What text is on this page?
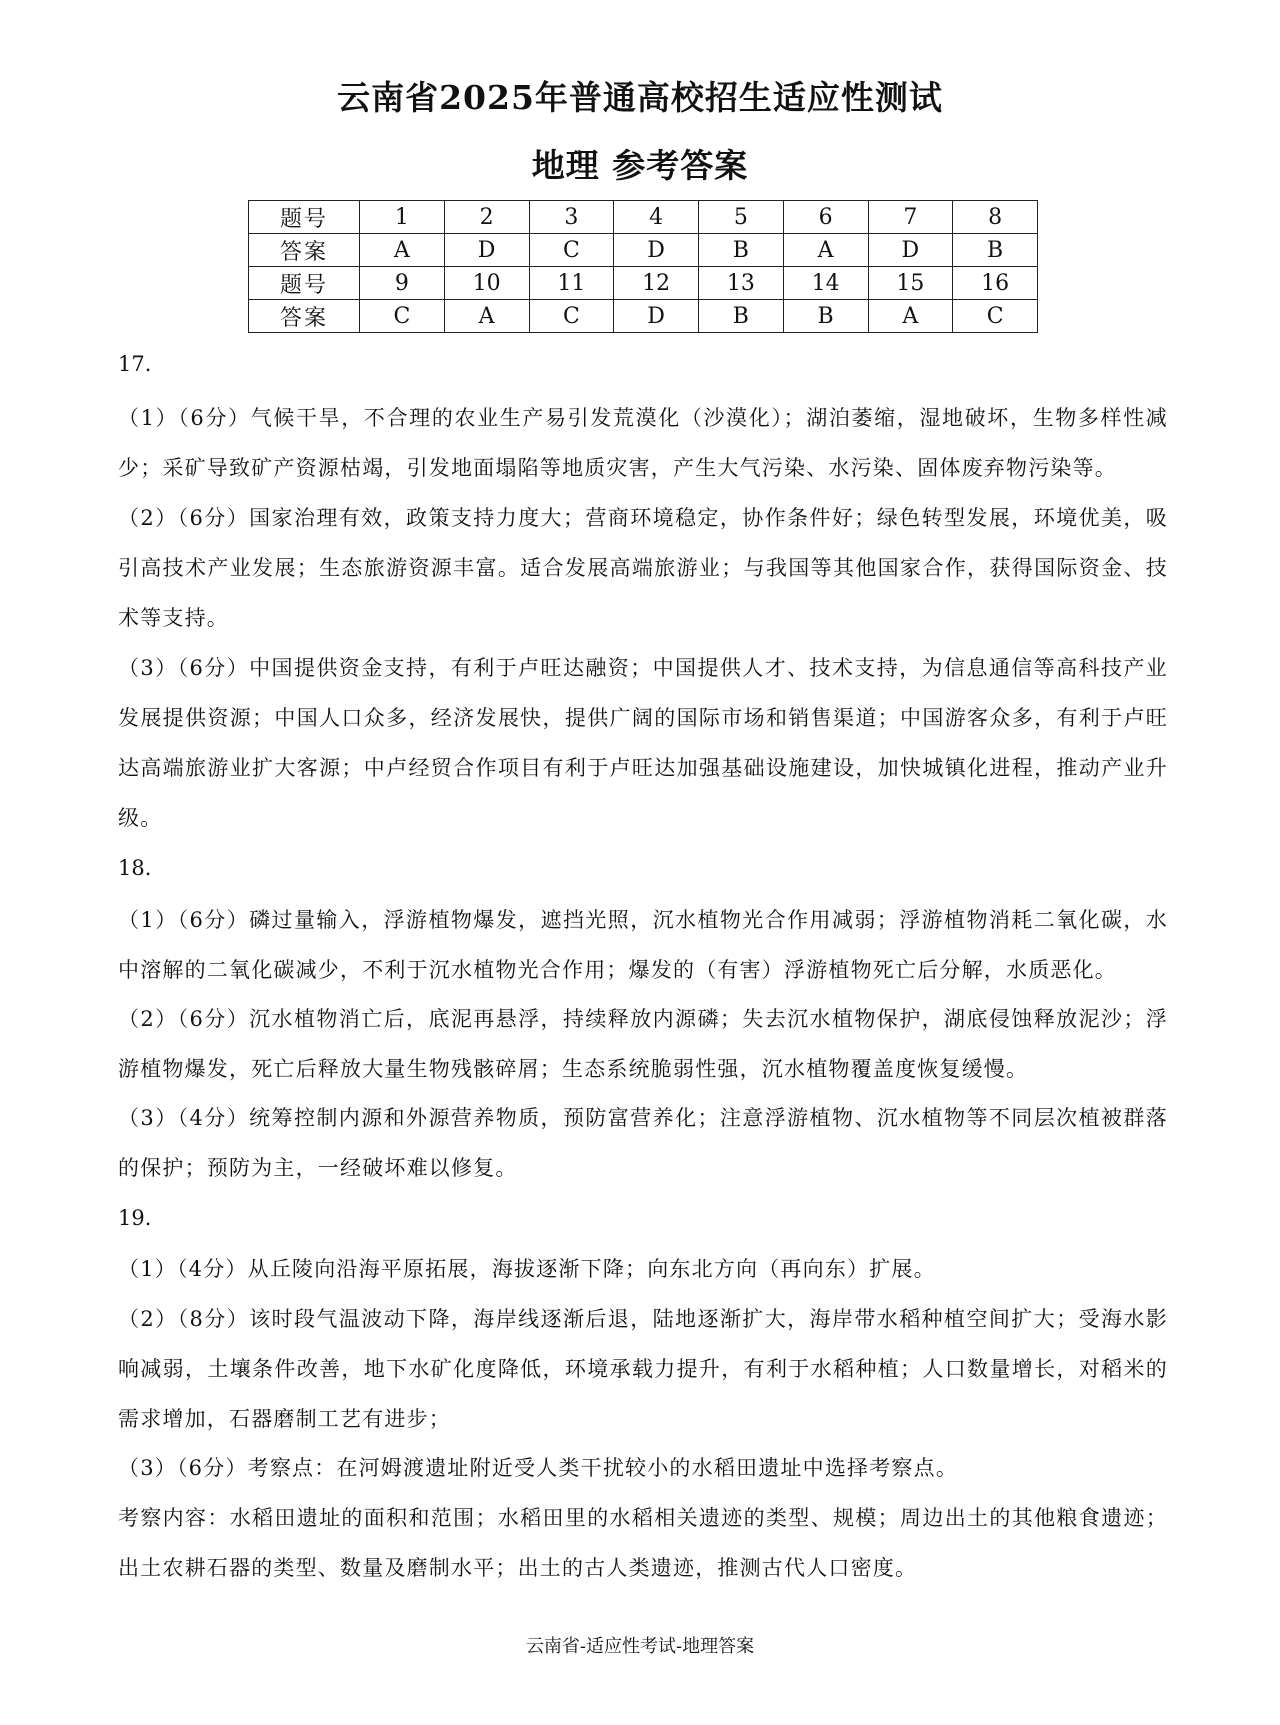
云南省2025年普通高校招生适应性测试
地理 参考答案
题号	1	2	3	4	5	6	7	8
答案	A	D	C	D	B	A	D	B
题号	9	10	11	12	13	14	15	16
答案	C	A	C	D	B	B	A	C
17.
（1）（6分）气候干旱，不合理的农业生产易引发荒漠化（沙漠化）；湖泊萎缩，湿地破坏，生物多样性减少；采矿导致矿产资源枯竭，引发地面塌陷等地质灾害，产生大气污染、水污染、固体废弃物污染等。
（2）（6分）国家治理有效，政策支持力度大；营商环境稳定，协作条件好；绿色转型发展，环境优美，吸引高技术产业发展；生态旅游资源丰富。适合发展高端旅游业；与我国等其他国家合作，获得国际资金、技术等支持。
（3）（6分）中国提供资金支持，有利于卢旺达融资；中国提供人才、技术支持，为信息通信等高科技产业发展提供资源；中国人口众多，经济发展快，提供广阔的国际市场和销售渠道；中国游客众多，有利于卢旺达高端旅游业扩大客源；中卢经贸合作项目有利于卢旺达加强基础设施建设，加快城镇化进程，推动产业升级。
18.
（1）（6分）磷过量输入，浮游植物爆发，遮挡光照，沉水植物光合作用减弱；浮游植物消耗二氧化碳，水中溶解的二氧化碳减少，不利于沉水植物光合作用；爆发的（有害）浮游植物死亡后分解，水质恶化。
（2）（6分）沉水植物消亡后，底泥再悬浮，持续释放内源磷；失去沉水植物保护，湖底侵蚀释放泥沙；浮游植物爆发，死亡后释放大量生物残骸碎屑；生态系统脆弱性强，沉水植物覆盖度恢复缓慢。
（3）（4分）统筹控制内源和外源营养物质，预防富营养化；注意浮游植物、沉水植物等不同层次植被群落的保护；预防为主，一经破坏难以修复。
19.
（1）（4分）从丘陵向沿海平原拓展，海拔逐渐下降；向东北方向（再向东）扩展。
（2）（8分）该时段气温波动下降，海岸线逐渐后退，陆地逐渐扩大，海岸带水稻种植空间扩大；受海水影响减弱，土壤条件改善，地下水矿化度降低，环境承载力提升，有利于水稻种植；人口数量增长，对稻米的需求增加，石器磨制工艺有进步；
（3）（6分）考察点：在河姆渡遗址附近受人类干扰较小的水稻田遗址中选择考察点。
考察内容：水稻田遗址的面积和范围；水稻田里的水稻相关遗迹的类型、规模；周边出土的其他粮食遗迹；出土农耕石器的类型、数量及磨制水平；出土的古人类遗迹，推测古代人口密度。
云南省-适应性考试-地理答案
